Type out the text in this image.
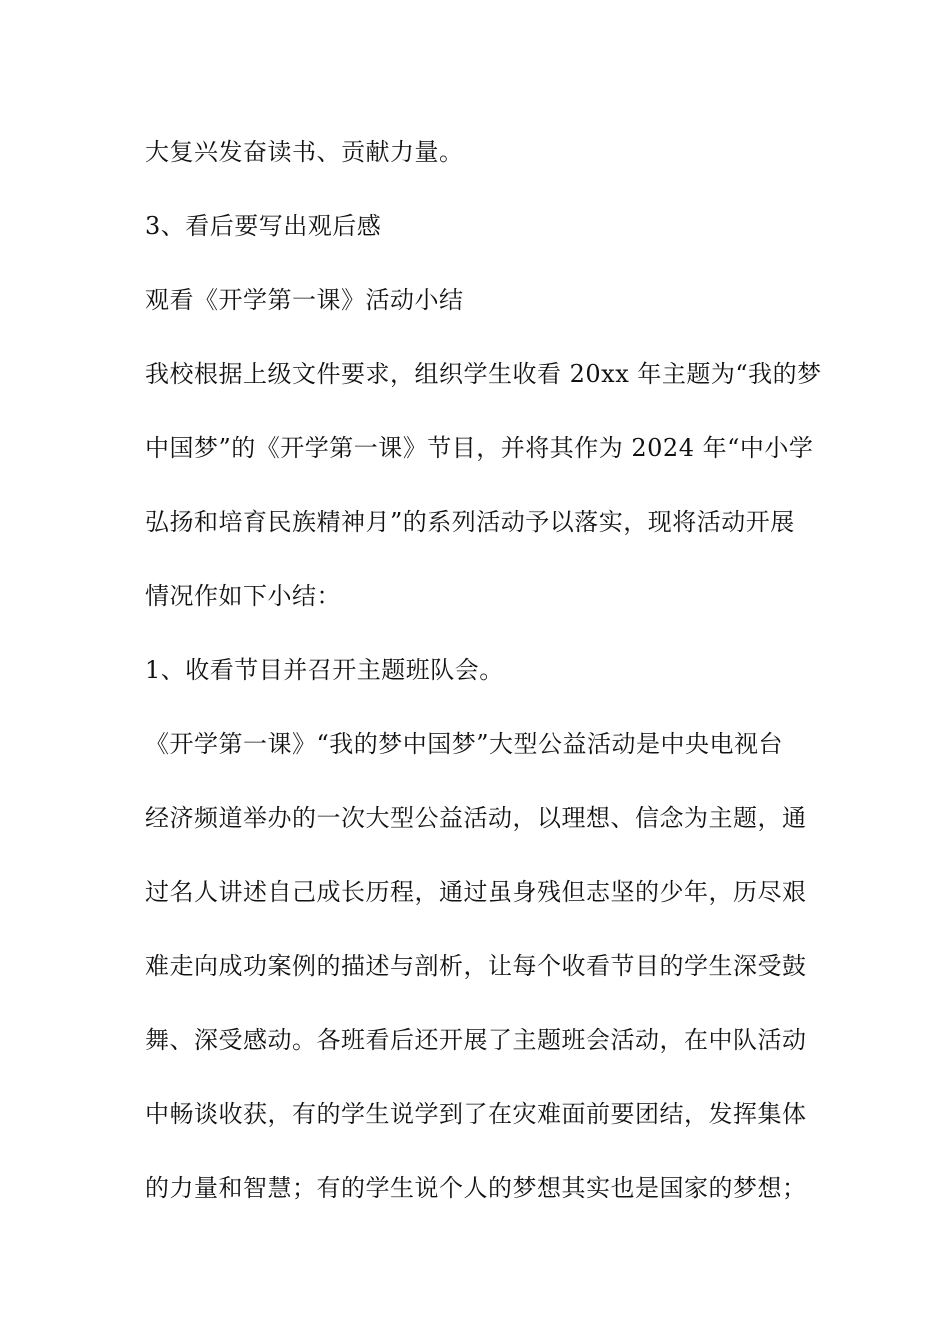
大复兴发奋读书、贡献力量。
3、看后要写出观后感
观看《开学第一课》活动小结
我校根据上级文件要求，组织学生收看 20xx 年主题为“我的梦
中国梦”的《开学第一课》节目，并将其作为 2024 年“中小学
弘扬和培育民族精神月”的系列活动予以落实，现将活动开展
情况作如下小结：
1、收看节目并召开主题班队会。
《开学第一课》“我的梦中国梦”大型公益活动是中央电视台
经济频道举办的一次大型公益活动，以理想、信念为主题，通
过名人讲述自己成长历程，通过虽身残但志坚的少年，历尽艰
难走向成功案例的描述与剖析，让每个收看节目的学生深受鼓
舞、深受感动。各班看后还开展了主题班会活动，在中队活动
中畅谈收获，有的学生说学到了在灾难面前要团结，发挥集体
的力量和智慧；有的学生说个人的梦想其实也是国家的梦想；
